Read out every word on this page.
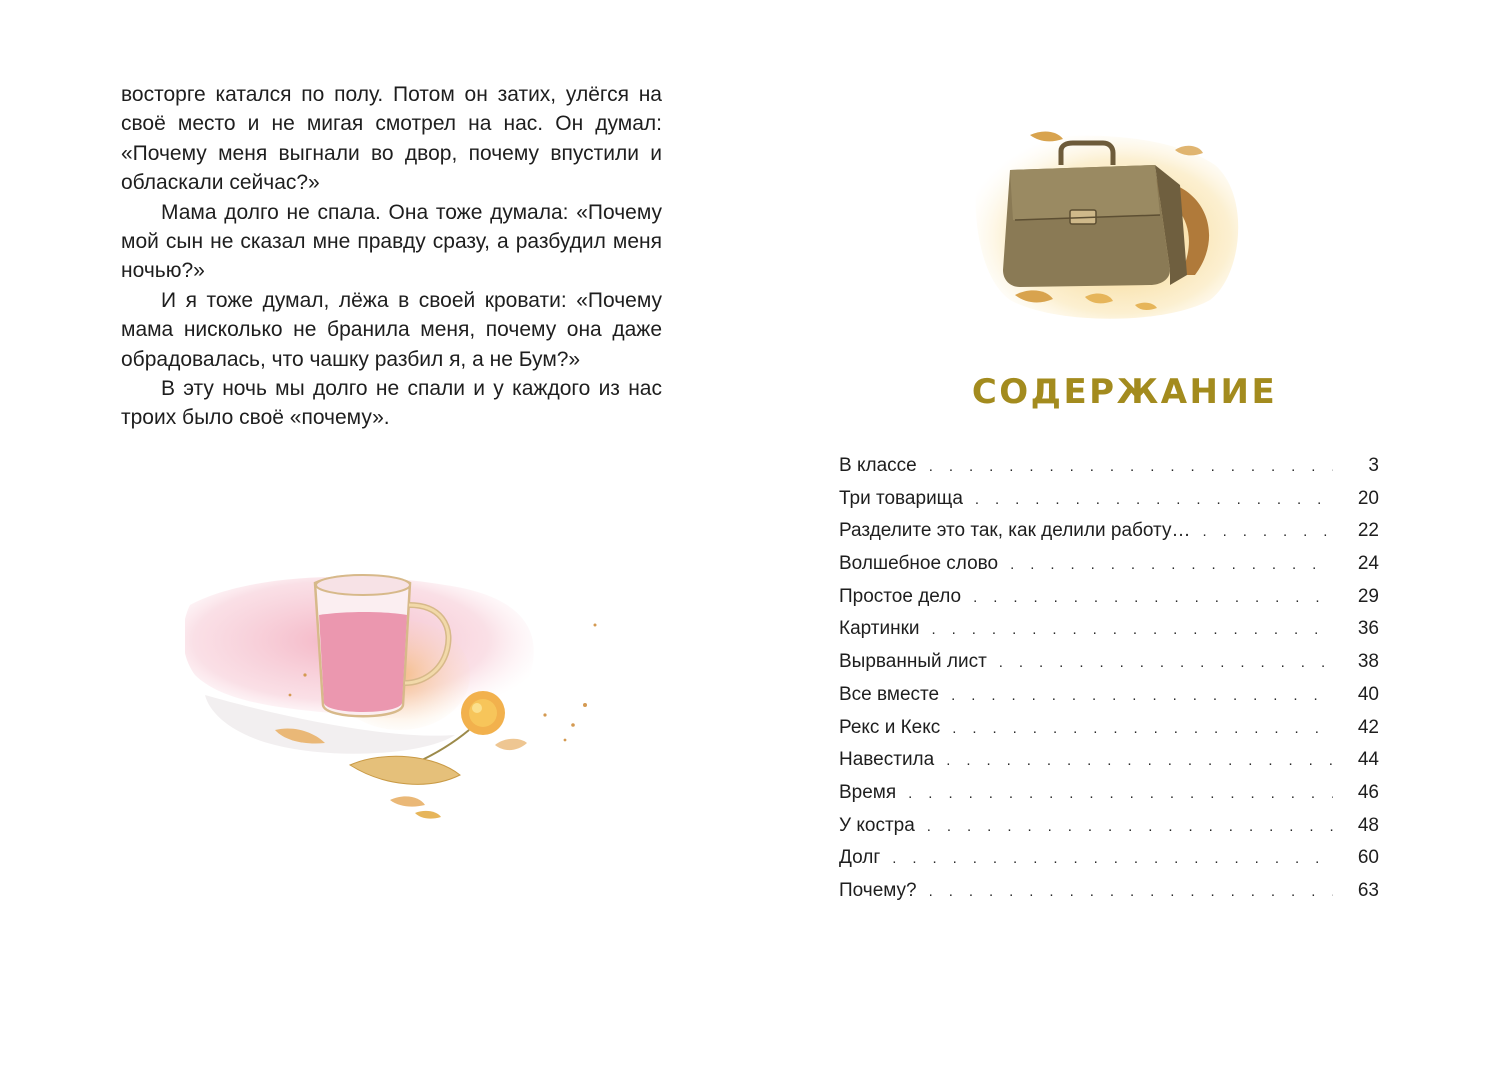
восторге катался по полу. Потом он затих, улёгся на своё место и не мигая смотрел на нас. Он думал: «Почему меня выгнали во двор, почему впустили и обласкали сейчас?»

Мама долго не спала. Она тоже думала: «Почему мой сын не сказал мне правду сразу, а разбудил меня ночью?»

И я тоже думал, лёжа в своей кровати: «Почему мама нисколько не бранила меня, почему она даже обрадовалась, что чашку разбил я, а не Бум?»

В эту ночь мы долго не спали и у каждого из нас троих было своё «почему».

СОДЕРЖАНИЕ
В классе . . .	3
Три товарища . . .	20
Разделите это так, как делили работу… . . .	22
Волшебное слово . . .	24
Простое дело . . .	29
Картинки . . .	36
Вырванный лист . . .	38
Все вместе . . .	40
Рекс и Кекс . . .	42
Навестила . . .	44
Время . . .	46
У костра . . .	48
Долг . . .	60
Почему? . . .	63
